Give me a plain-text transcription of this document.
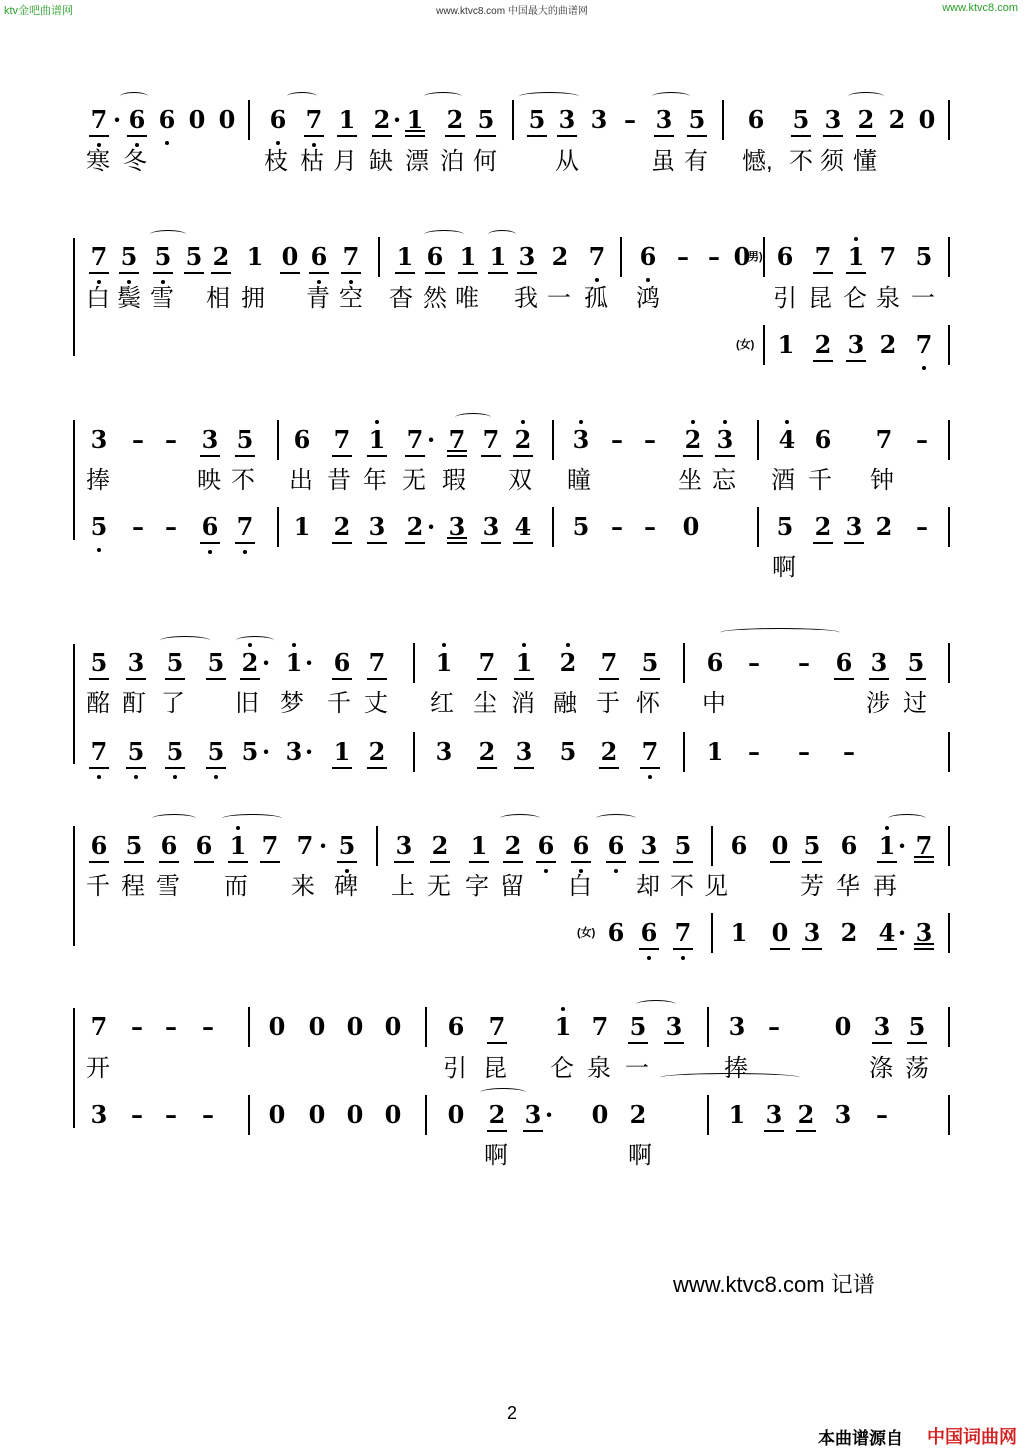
ktv金吧曲谱网	www.ktvc8.com 中国最大的曲谱网	www.ktvc8.com
7 · 6 6 0 0 6 7 1 2 · 1 2 5 5 3 3 – 3 5 6 5 3 2 2 0
寒 冬	枝 枯 月 缺 漂 泊 何 从	虽 有 憾, 不 须 懂
7 5 5 5 2 1 0 6 7 1 6 1 1 3 2 7 6 – – 0 6 7 1 7 5
男)
1 2 3 2 7
(女)
白 鬓 雪 相 拥 青 空 杳 然 唯 我 一 孤 鸿	引 昆 仑 泉 一
3 – – 3 5 6 7 1 7 · 7 7 2 3 – – 2 3 4 6 7 –
5 – – 6 7 1 2 3 2 · 3 3 4 5 – – 0	5 2 3 2 –
捧	映 不 出 昔 年 无 瑕 双 瞳	坐 忘 酒 千 钟
啊
5 3 5 5 2 · 1 · 6 7 1 7 1 2 7 5 6 – – 6 3 5
7 5 5 5 5 · 3 · 1 2 3 2 3 5 2 7 1 – – –
酩 酊 了 旧 梦 千 丈 红 尘 消 融 于 怀 中	涉 过
6 5 6 6 1 7 7 · 5 3 2 1 2 6 6 6 3 5 6 0 5 6 1 · 7
6 6 7 1 0 3 2 4 · 3
(女)
千 程 雪 而 来 碑 上 无 字 留 白 却 不 见	芳 华 再
7 – – – 0 0 0 0 6 7 1 7 5 3 3 – 0 3 5
3 – – – 0 0 0 0 0 2 3 · 0 2	1 3 2 3 –
开	引 昆 仑 泉 一	捧	涤 荡
啊	啊
www.ktvc8.com 记谱
2
本曲谱源自 中国词曲网
